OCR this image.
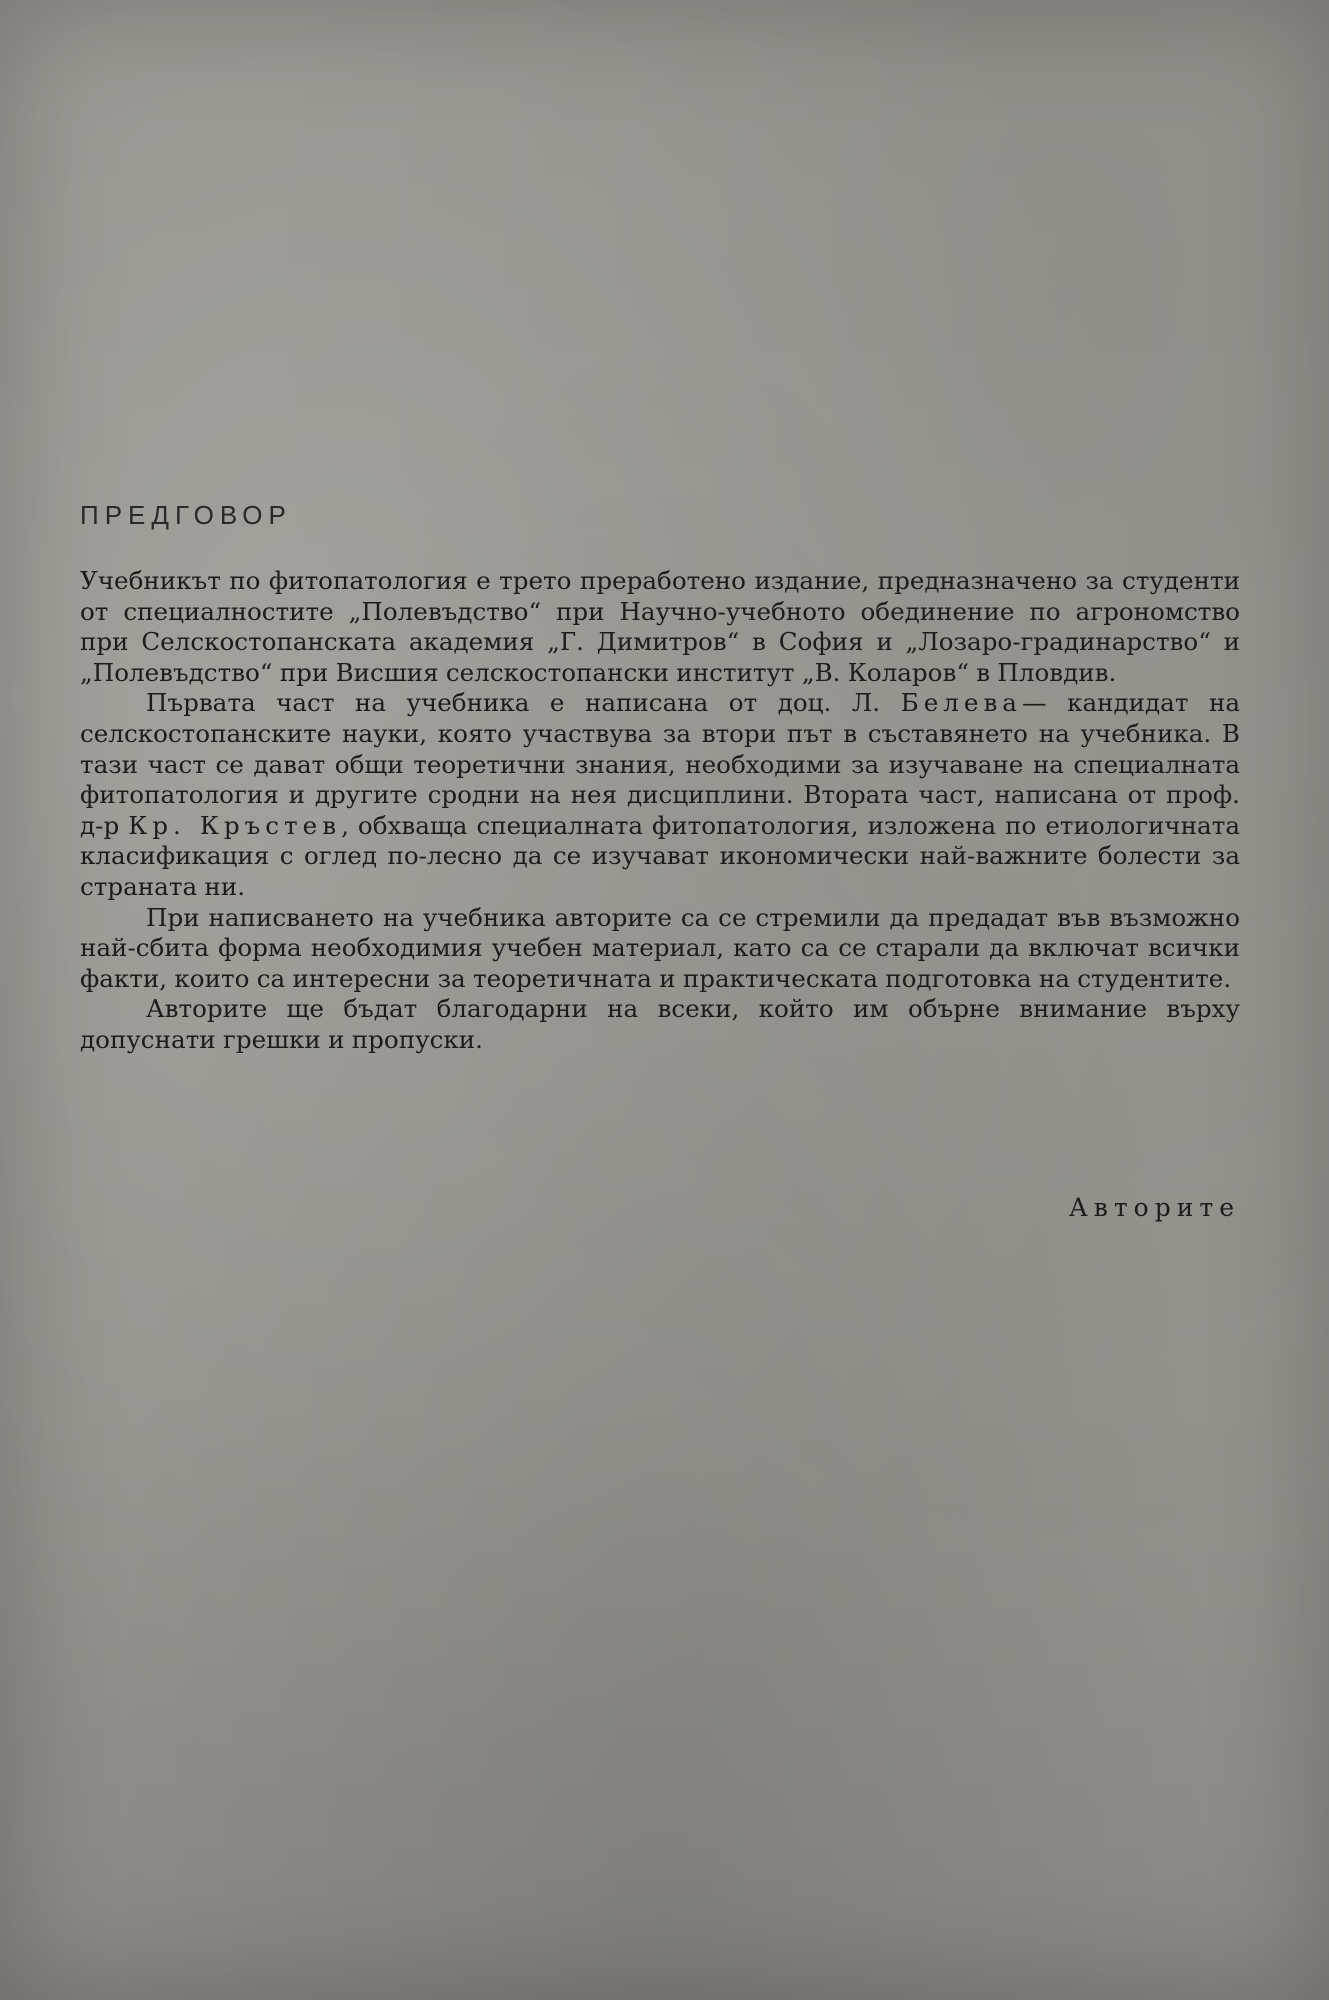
ПРЕДГОВОР

Учебникът по фитопатология е трето преработено издание, предназначено за студенти от специалностите „Полевъдство“ при Научно-учебното обединение по агрономство при Селскостопанската академия „Г. Димитров“ в София и „Лозаро-градинарство“ и „Полевъдство“ при Висшия селскостопански институт „В. Коларов“ в Пловдив.

Първата част на учебника е написана от доц. Л. Белева— кандидат на селскостопанските науки, която участвува за втори път в съставянето на учебника. В тази част се дават общи теоретични знания, необходими за изучаване на специалната фитопатология и другите сродни на нея дисциплини. Втората част, написана от проф. д-р Кр. Кръстев, обхваща специалната фитопатология, изложена по етиологичната класификация с оглед по-лесно да се изучават икономически най-важните болести за страната ни.

При написването на учебника авторите са се стремили да предадат във възможно най-сбита форма необходимия учебен материал, като са се старали да включат всички факти, които са интересни за теоретичната и практическата подготовка на студентите.

Авторите ще бъдат благодарни на всеки, който им обърне внимание върху допуснати грешки и пропуски.

Авторите
